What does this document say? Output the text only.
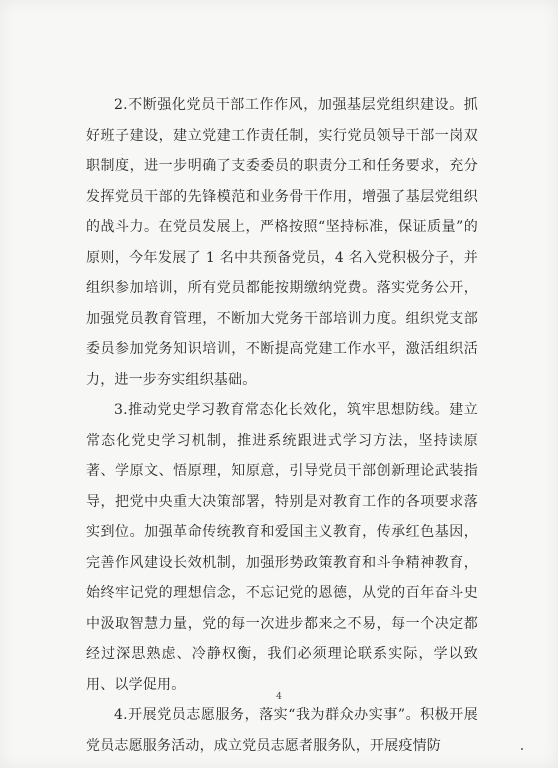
2.不断强化党员干部工作作风，加强基层党组织建设。抓好班子建设，建立党建工作责任制，实行党员领导干部一岗双职制度，进一步明确了支委委员的职责分工和任务要求，充分发挥党员干部的先锋模范和业务骨干作用，增强了基层党组织的战斗力。在党员发展上，严格按照“坚持标准，保证质量”的原则，今年发展了 1 名中共预备党员，4 名入党积极分子，并组织参加培训，所有党员都能按期缴纳党费。落实党务公开，加强党员教育管理，不断加大党务干部培训力度。组织党支部委员参加党务知识培训，不断提高党建工作水平，激活组织活力，进一步夯实组织基础。

3.推动党史学习教育常态化长效化，筑牢思想防线。建立常态化党史学习机制，推进系统跟进式学习方法，坚持读原著、学原文、悟原理，知原意，引导党员干部创新理论武装指导，把党中央重大决策部署，特别是对教育工作的各项要求落实到位。加强革命传统教育和爱国主义教育，传承红色基因，完善作风建设长效机制，加强形势政策教育和斗争精神教育，始终牢记党的理想信念，不忘记党的恩德，从党的百年奋斗史中汲取智慧力量，党的每一次进步都来之不易，每一个决定都经过深思熟虑、冷静权衡，我们必须理论联系实际，学以致用、以学促用。

4.开展党员志愿服务，落实“我为群众办实事”。积极开展党员志愿服务活动，成立党员志愿者服务队，开展疫情防

4
